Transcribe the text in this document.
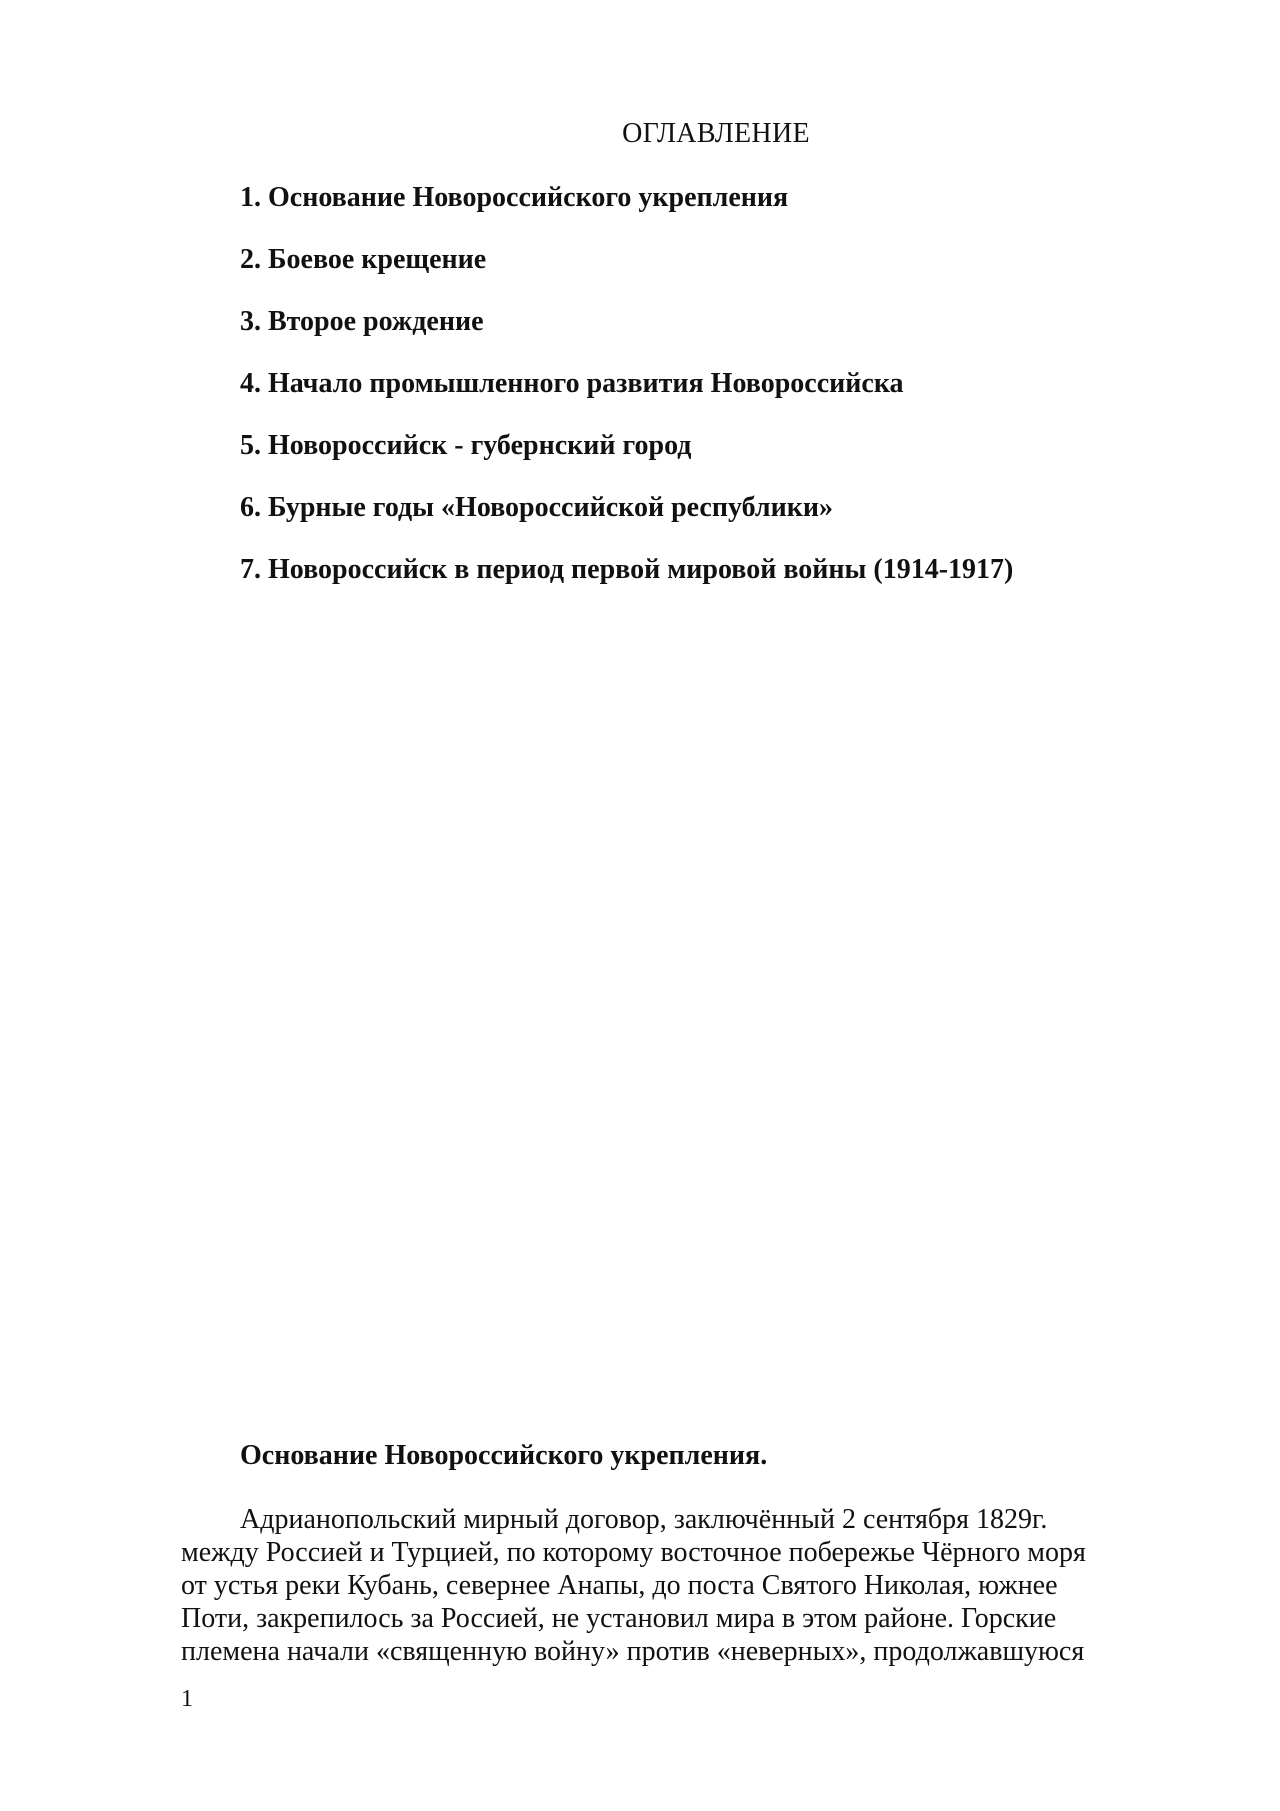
ОГЛАВЛЕНИЕ
1. Основание Новороссийского укрепления
2. Боевое крещение
3. Второе рождение
4. Начало промышленного развития Новороссийска
5. Новороссийск - губернский город
6. Бурные годы «Новороссийской республики»
7. Новороссийск в период первой мировой войны (1914-1917)
Основание Новороссийского укрепления.
Адрианопольский мирный договор, заключённый 2 сентября 1829г.
между Россией и Турцией, по которому восточное побережье Чёрного моря
от устья реки Кубань, севернее Анапы, до поста Святого Николая, южнее
Поти, закрепилось за Россией, не установил мира в этом районе. Горские
племена начали «священную войну» против «неверных», продолжавшуюся
1
